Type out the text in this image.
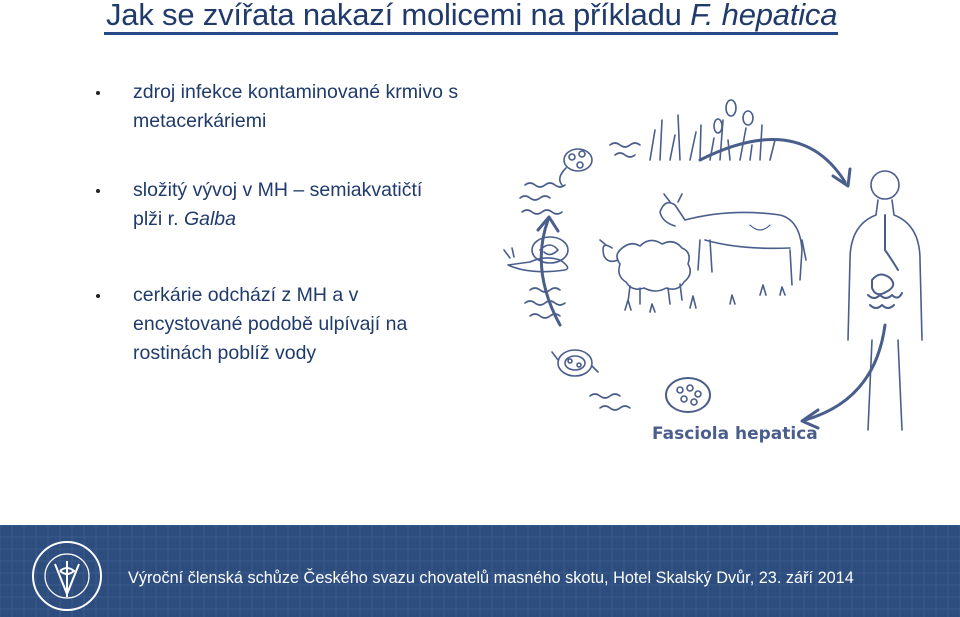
Jak se zvířata nakazí molicemi na příkladu F. hepatica
zdroj infekce kontaminované krmivo s
metacerkáriemi
složitý vývoj v MH – semiakvatičtí
plži r. Galba
cerkárie odchází z MH a v
encystované podobě ulpívají na
rostinách poblíž vody
Fasciola hepatica
Výroční členská schůze Českého svazu chovatelů masného skotu, Hotel Skalský Dvůr, 23. září 2014
